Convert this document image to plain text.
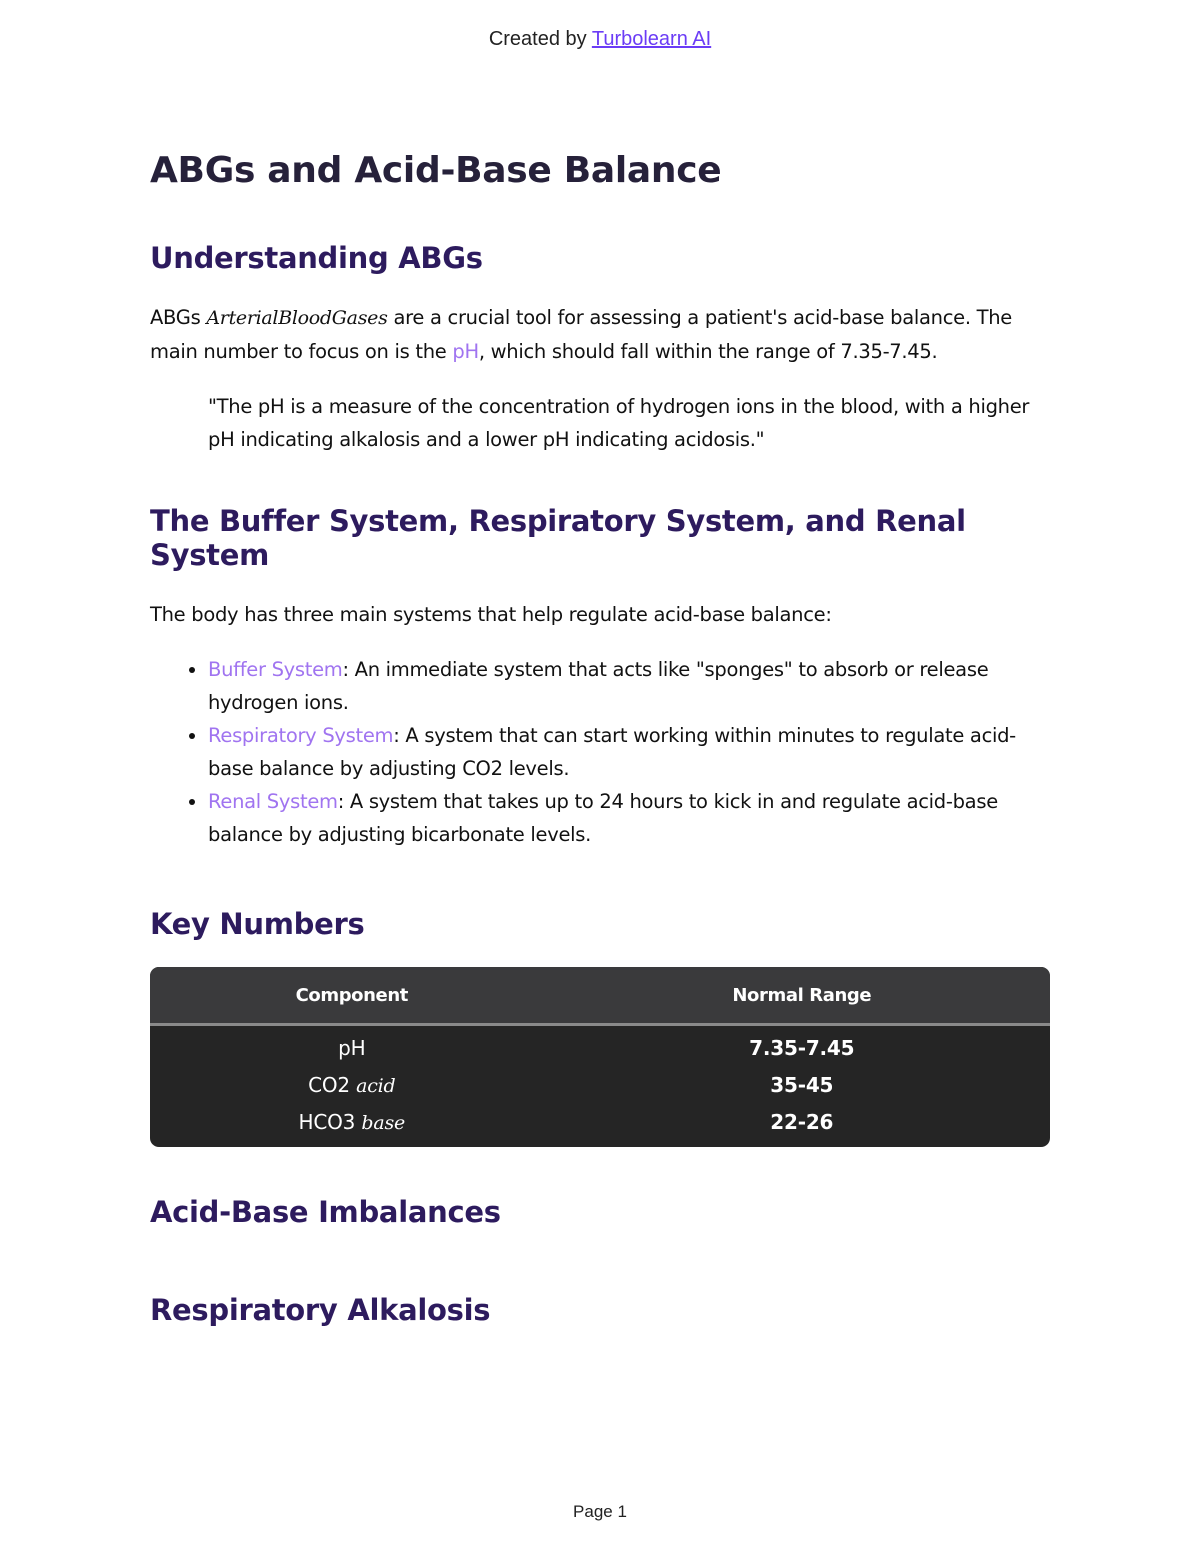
Created by Turbolearn AI
ABGs and Acid-Base Balance
Understanding ABGs

ABGs ArterialBloodGases are a crucial tool for assessing a patient's acid-base balance. The main number to focus on is the pH, which should fall within the range of 7.35-7.45.

"The pH is a measure of the concentration of hydrogen ions in the blood, with a higher pH indicating alkalosis and a lower pH indicating acidosis."
The Buffer System, Respiratory System, and Renal System

The body has three main systems that help regulate acid-base balance:

• Buffer System: An immediate system that acts like "sponges" to absorb or release hydrogen ions.
• Respiratory System: A system that can start working within minutes to regulate acid-base balance by adjusting CO2 levels.
• Renal System: A system that takes up to 24 hours to kick in and regulate acid-base balance by adjusting bicarbonate levels.
Key Numbers
Component	Normal Range
pH	7.35-7.45
CO2 acid	35-45
HCO3 base	22-26
Acid-Base Imbalances
Respiratory Alkalosis
Page 1
